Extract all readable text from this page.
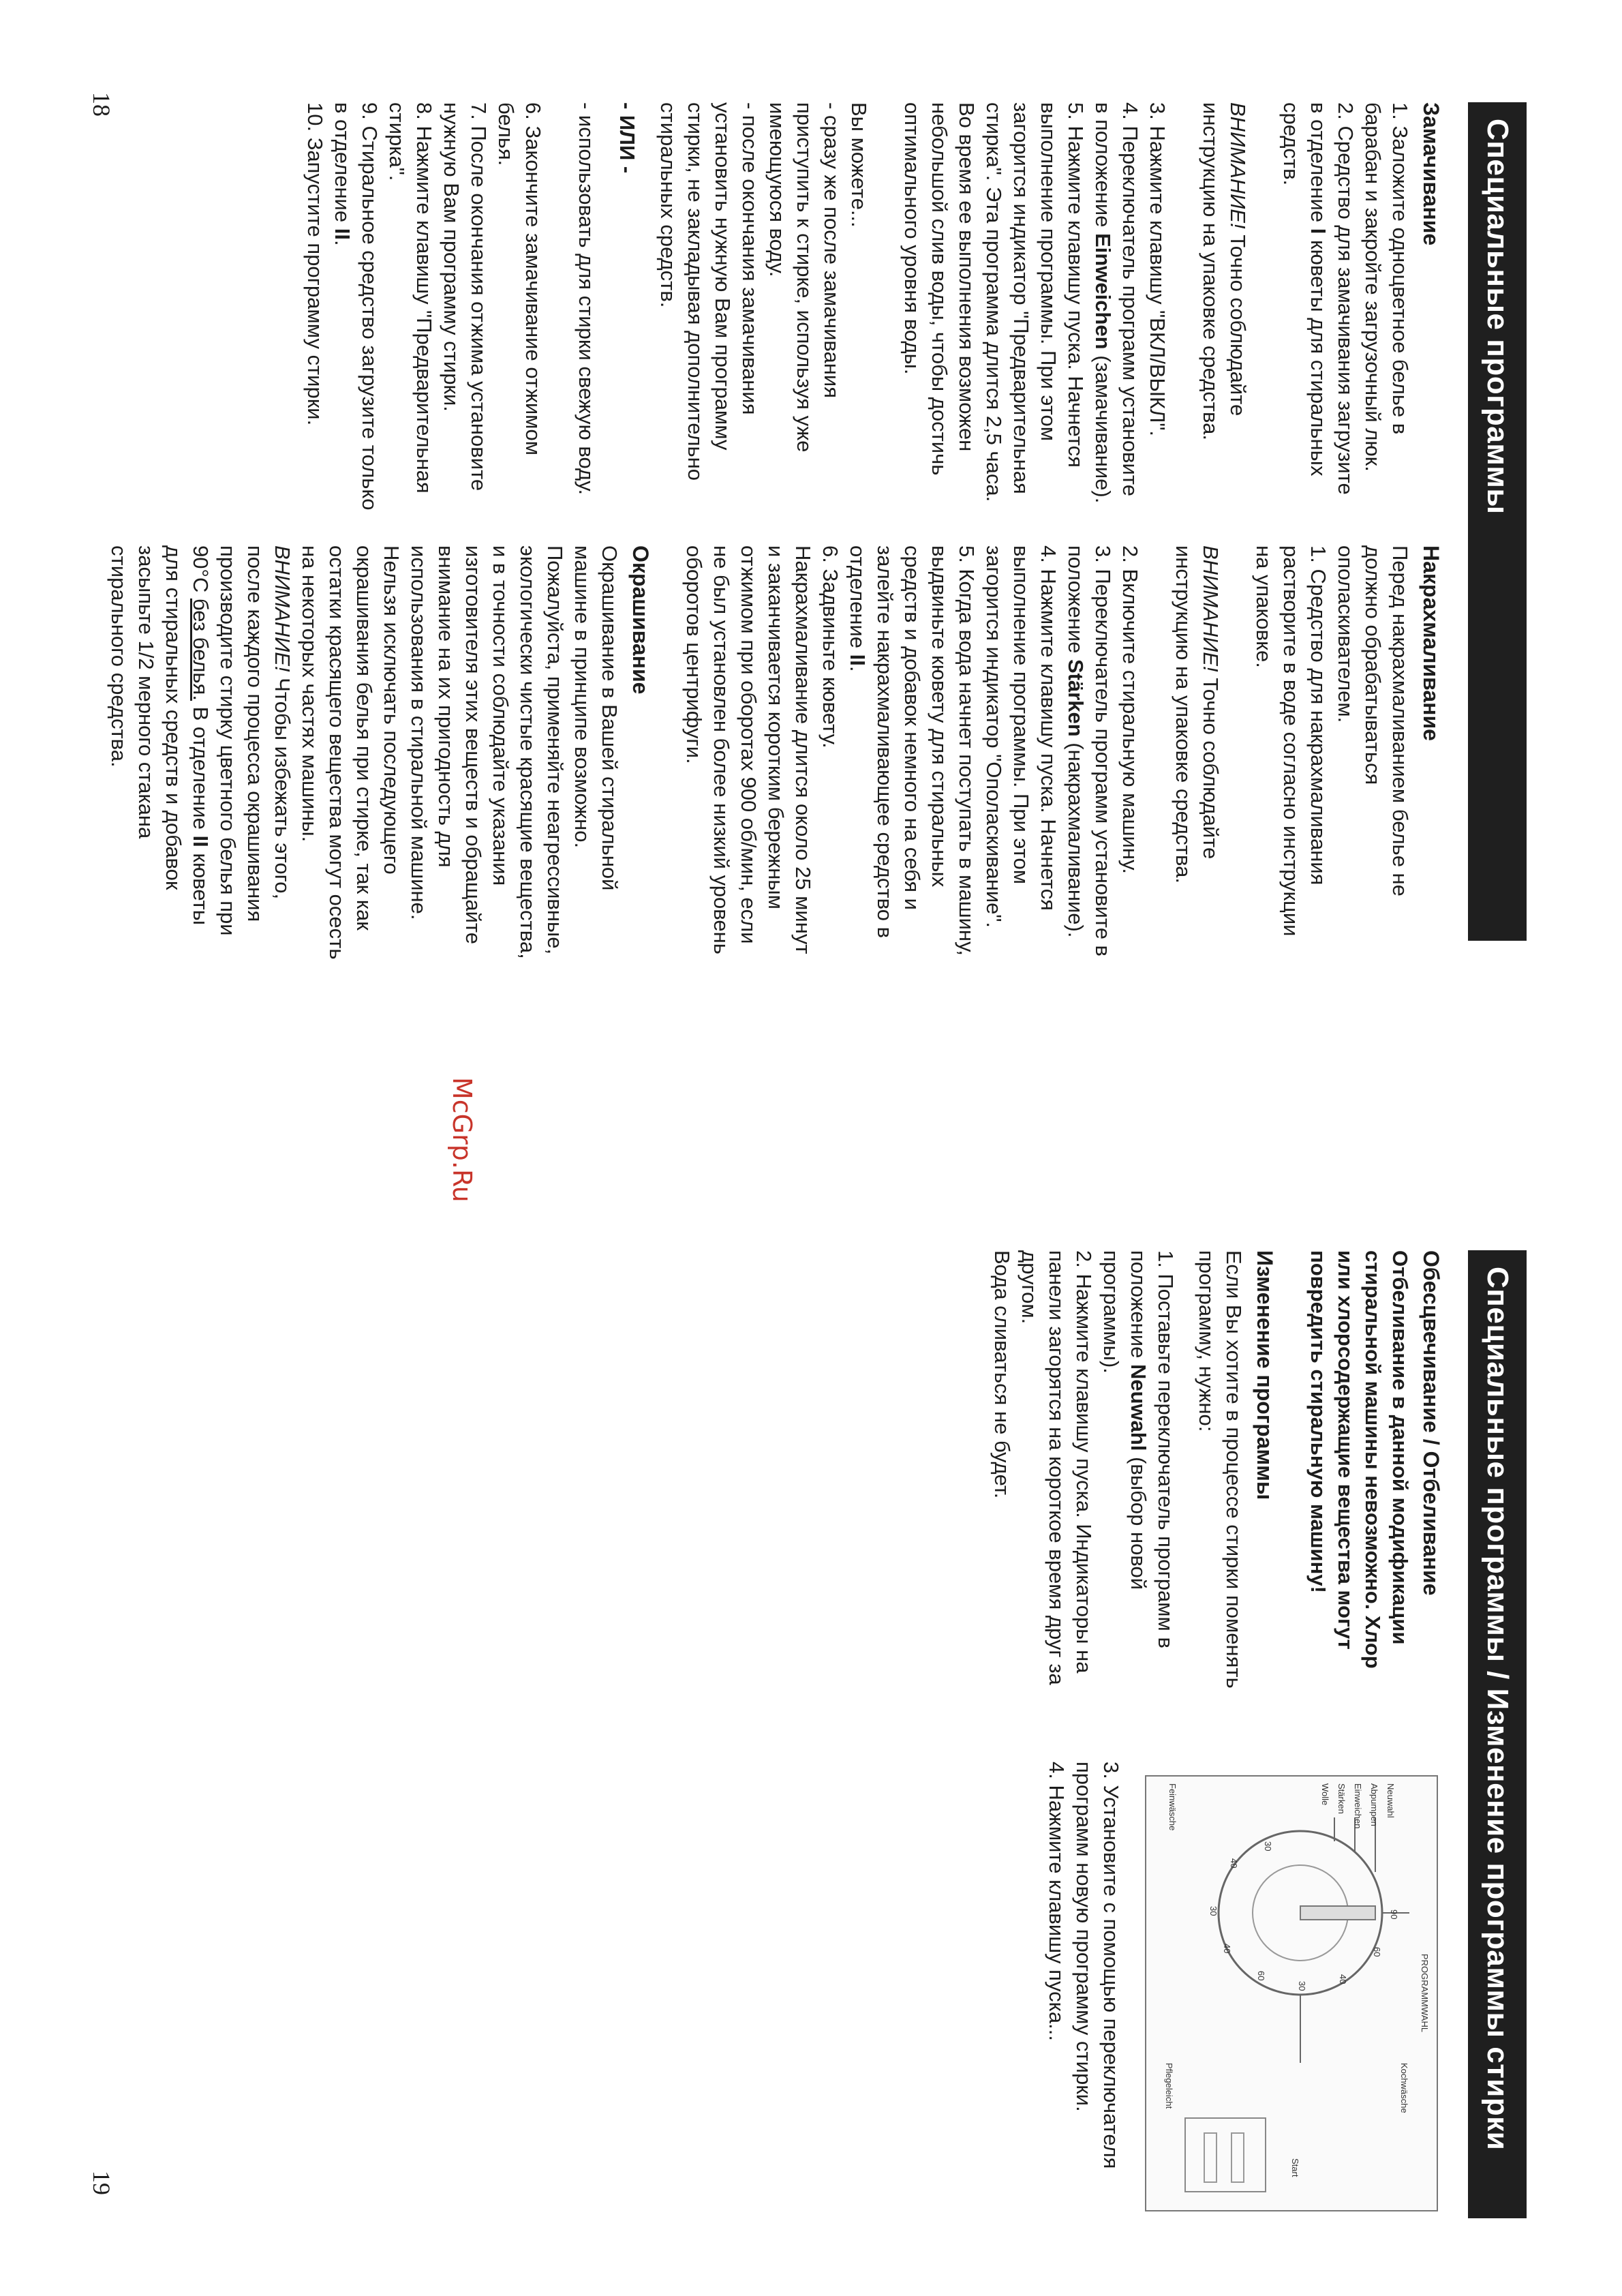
Специальные программы
Замачивание

1. Заложите одноцветное белье в барабан и закройте загрузочный люк.

2. Средство для замачивания загрузите в отделение I кюветы для стиральных средств.

ВНИМАНИЕ! Точно соблюдайте инструкцию на упаковке средства.

3. Нажмите клавишу "ВКЛ/ВЫКЛ".

4. Переключатель программ установите в положение Einweichen (замачивание).

5. Нажмите клавишу пуска. Начнется выполнение программы. При этом загорится индикатор "Предварительная стирка". Эта программа длится 2,5 часа. Во время ее выполнения возможен небольшой слив воды, чтобы достичь оптимального уровня воды.

Вы можете...

- сразу же после замачивания приступить к стирке, используя уже имеющуюся воду.

- после окончания замачивания установить нужную Вам программу стирки, не закладывая дополнительно стиральных средств.

- ИЛИ -

- использовать для стирки свежую воду.

6. Закончите замачивание отжимом белья.

7. После окончания отжима установите нужную Вам программу стирки.

8. Нажмите клавишу "Предварительная стирка".

9. Стиральное средство загрузите только в отделение II.

10. Запустите программу стирки.

Накрахмаливание

Перед накрахмаливанием белье не должно обрабатываться ополаскивателем.

1. Средство для накрахмаливания растворите в воде согласно инструкции на упаковке.

ВНИМАНИЕ! Точно соблюдайте инструкцию на упаковке средства.

2. Включите стиральную машину.

3. Переключатель программ установите в положение Stärken (накрахмаливание).

4. Нажмите клавишу пуска. Начнется выполнение программы. При этом загорится индикатор "Ополаскивание".

5. Когда вода начнет поступать в машину, выдвиньте кювету для стиральных средств и добавок немного на себя и залейте накрахмаливающее средство в отделение II.

6. Задвиньте кювету.

Накрахмаливание длится около 25 минут и заканчивается коротким бережным отжимом при оборотах 900 об/мин, если не был установлен более низкий уровень оборотов центрифуги.

Окрашивание

Окрашивание в Вашей стиральной машине в принципе возможно.

Пожалуйста, применяйте неагрессивные, экологически чистые красящие вещества, и в точности соблюдайте указания изготовителя этих веществ и обращайте внимание на их пригодность для использования в стиральной машине.

Нельзя исключать последующего окрашивания белья при стирке, так как остатки красящего вещества могут осесть на некоторых частях машины.

ВНИМАНИЕ! Чтобы избежать этого, после каждого процесса окрашивания производите стирку цветного белья при 90°С без белья. В отделение II кюветы для стиральных средств и добавок засыпьте 1/2 мерного стакана стирального средства.

18
Специальные программы / Изменение программы стирки
Обесцвечивание / Отбеливание

Отбеливание в данной модификации стиральной машины невозможно. Хлор или хлорсодержащие вещества могут повредить стиральную машину!

Изменение программы

Если Вы хотите в процессе стирки поменять программу, нужно:

1. Поставьте переключатель программ в положение Neuwahl (выбор новой программы).

2. Нажмите клавишу пуска. Индикаторы на панели загорятся на короткое время друг за другом.

Вода сливаться не будет.

PROGRAMMWAHL
Neuwahl
Abpumpen
Einweichen
Stärken
Wolle
Feinwäsche
Kochwäsche
Pflegeleicht
Start
90
60
40
30
60
40
30
40
30

3. Установите с помощью переключателя программ новую программу стирки.

4. Нажмите клавишу пуска...

19
McGrp.Ru
